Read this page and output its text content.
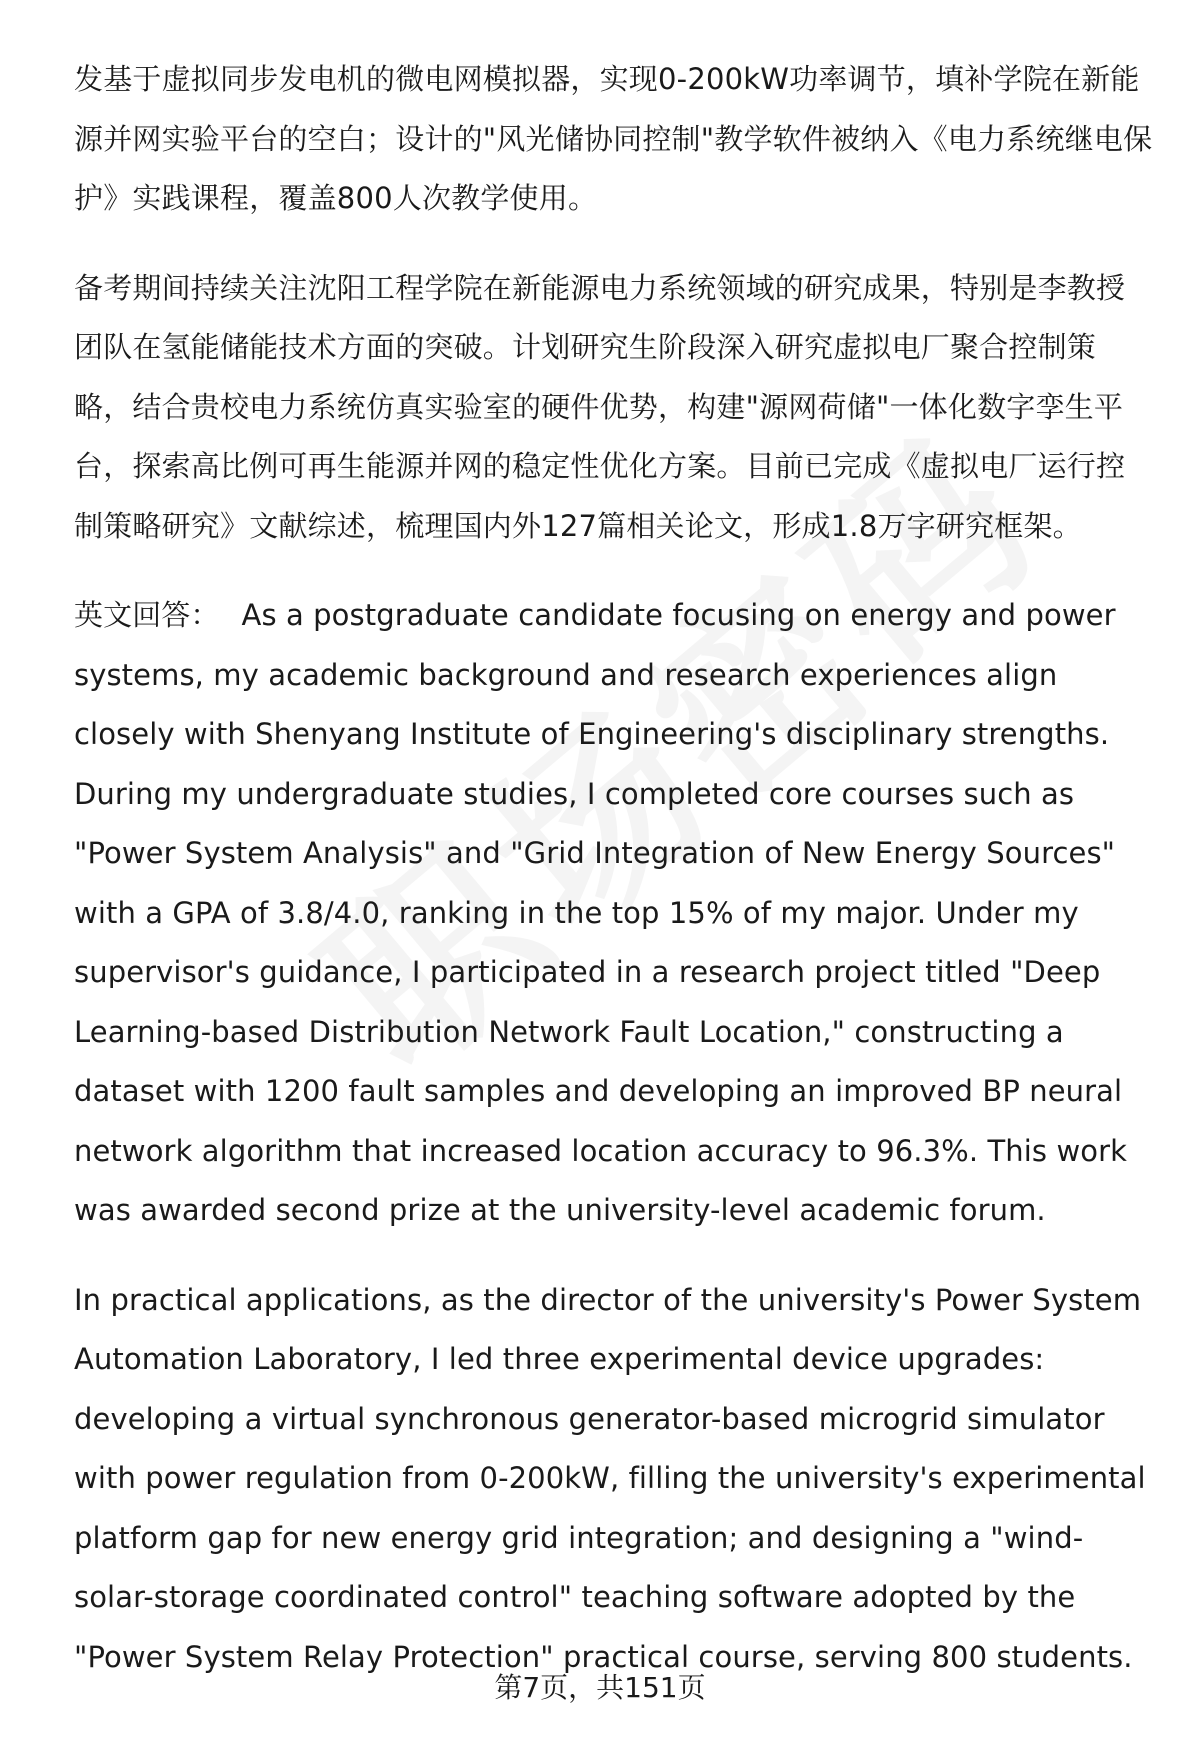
发基于虚拟同步发电机的微电网模拟器，实现0-200kW功率调节，填补学院在新能源并网实验平台的空白；设计的"风光储协同控制"教学软件被纳入《电力系统继电保护》实践课程，覆盖800人次教学使用。

备考期间持续关注沈阳工程学院在新能源电力系统领域的研究成果，特别是李教授团队在氢能储能技术方面的突破。计划研究生阶段深入研究虚拟电厂聚合控制策略，结合贵校电力系统仿真实验室的硬件优势，构建"源网荷储"一体化数字孪生平台，探索高比例可再生能源并网的稳定性优化方案。目前已完成《虚拟电厂运行控制策略研究》文献综述，梳理国内外127篇相关论文，形成1.8万字研究框架。

英文回答： As a postgraduate candidate focusing on energy and power systems, my academic background and research experiences align closely with Shenyang Institute of Engineering's disciplinary strengths. During my undergraduate studies, I completed core courses such as "Power System Analysis" and "Grid Integration of New Energy Sources" with a GPA of 3.8/4.0, ranking in the top 15% of my major. Under my supervisor's guidance, I participated in a research project titled "Deep Learning-based Distribution Network Fault Location," constructing a dataset with 1200 fault samples and developing an improved BP neural network algorithm that increased location accuracy to 96.3%. This work was awarded second prize at the university-level academic forum.

In practical applications, as the director of the university's Power System Automation Laboratory, I led three experimental device upgrades: developing a virtual synchronous generator-based microgrid simulator with power regulation from 0-200kW, filling the university's experimental platform gap for new energy grid integration; and designing a "wind-solar-storage coordinated control" teaching software adopted by the "Power System Relay Protection" practical course, serving 800 students.

第7页，共151页
